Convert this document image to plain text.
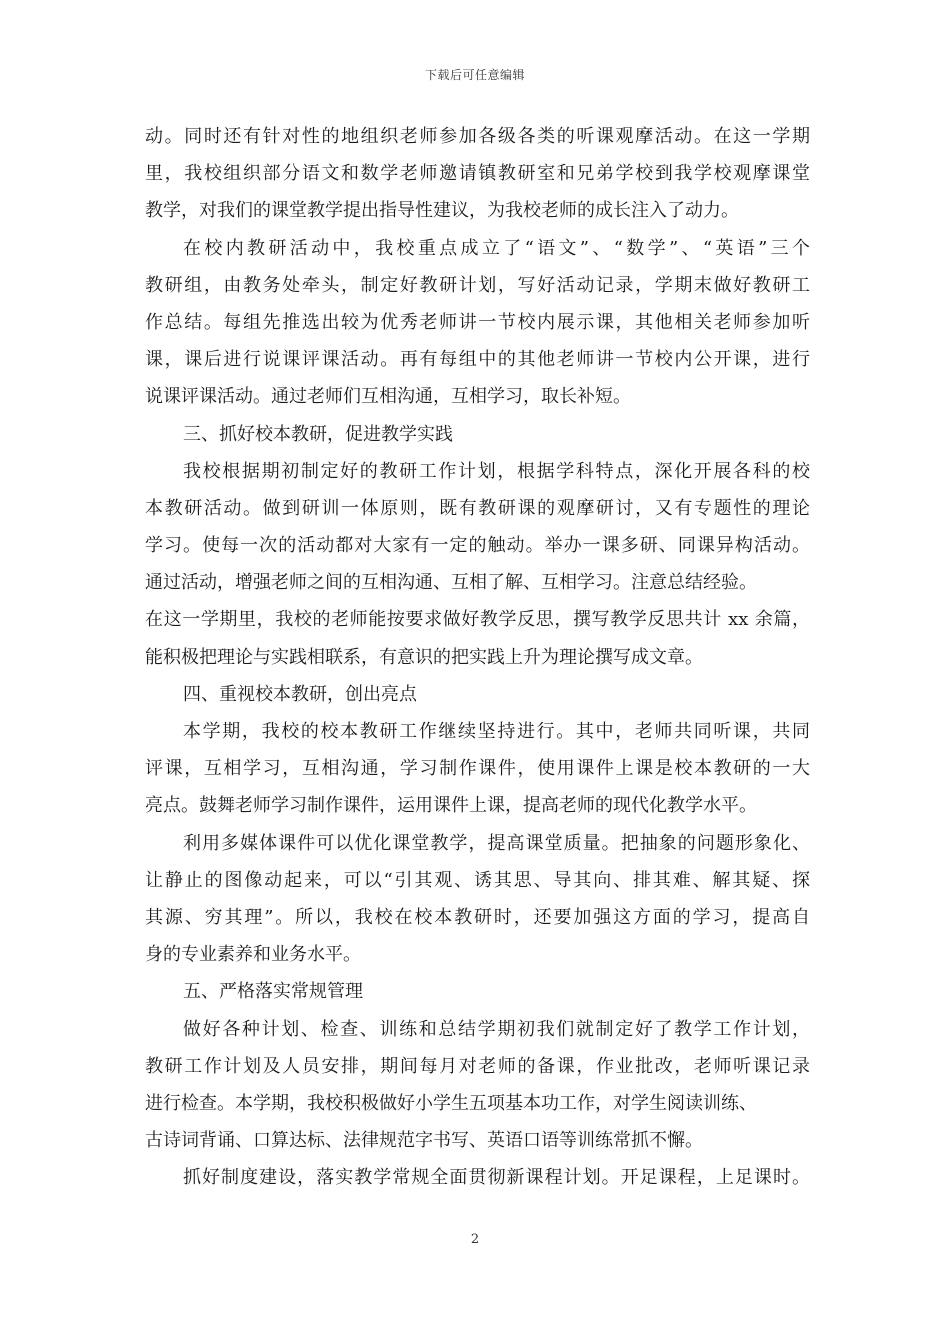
下载后可任意编辑
动。同时还有针对性的地组织老师参加各级各类的听课观摩活动。在这一学期
里，我校组织部分语文和数学老师邀请镇教研室和兄弟学校到我学校观摩课堂
教学，对我们的课堂教学提出指导性建议，为我校老师的成长注入了动力。
在校内教研活动中，我校重点成立了“语文”、“数学”、“英语”三个
教研组，由教务处牵头，制定好教研计划，写好活动记录，学期末做好教研工
作总结。每组先推选出较为优秀老师讲一节校内展示课，其他相关老师参加听
课，课后进行说课评课活动。再有每组中的其他老师讲一节校内公开课，进行
说课评课活动。通过老师们互相沟通，互相学习，取长补短。
三、抓好校本教研，促进教学实践
我校根据期初制定好的教研工作计划，根据学科特点，深化开展各科的校
本教研活动。做到研训一体原则，既有教研课的观摩研讨，又有专题性的理论
学习。使每一次的活动都对大家有一定的触动。举办一课多研、同课异构活动。
通过活动，增强老师之间的互相沟通、互相了解、互相学习。注意总结经验。
在这一学期里，我校的老师能按要求做好教学反思，撰写教学反思共计 xx 余篇，
能积极把理论与实践相联系，有意识的把实践上升为理论撰写成文章。
四、重视校本教研，创出亮点
本学期，我校的校本教研工作继续坚持进行。其中，老师共同听课，共同
评课，互相学习，互相沟通，学习制作课件，使用课件上课是校本教研的一大
亮点。鼓舞老师学习制作课件，运用课件上课，提高老师的现代化教学水平。
利用多媒体课件可以优化课堂教学，提高课堂质量。把抽象的问题形象化、
让静止的图像动起来，可以“引其观、诱其思、导其向、排其难、解其疑、探
其源、穷其理”。所以，我校在校本教研时，还要加强这方面的学习，提高自
身的专业素养和业务水平。
五、严格落实常规管理
做好各种计划、检查、训练和总结学期初我们就制定好了教学工作计划，
教研工作计划及人员安排，期间每月对老师的备课，作业批改，老师听课记录
进行检查。本学期，我校积极做好小学生五项基本功工作，对学生阅读训练、
古诗词背诵、口算达标、法律规范字书写、英语口语等训练常抓不懈。
抓好制度建设，落实教学常规全面贯彻新课程计划。开足课程，上足课时。
2
